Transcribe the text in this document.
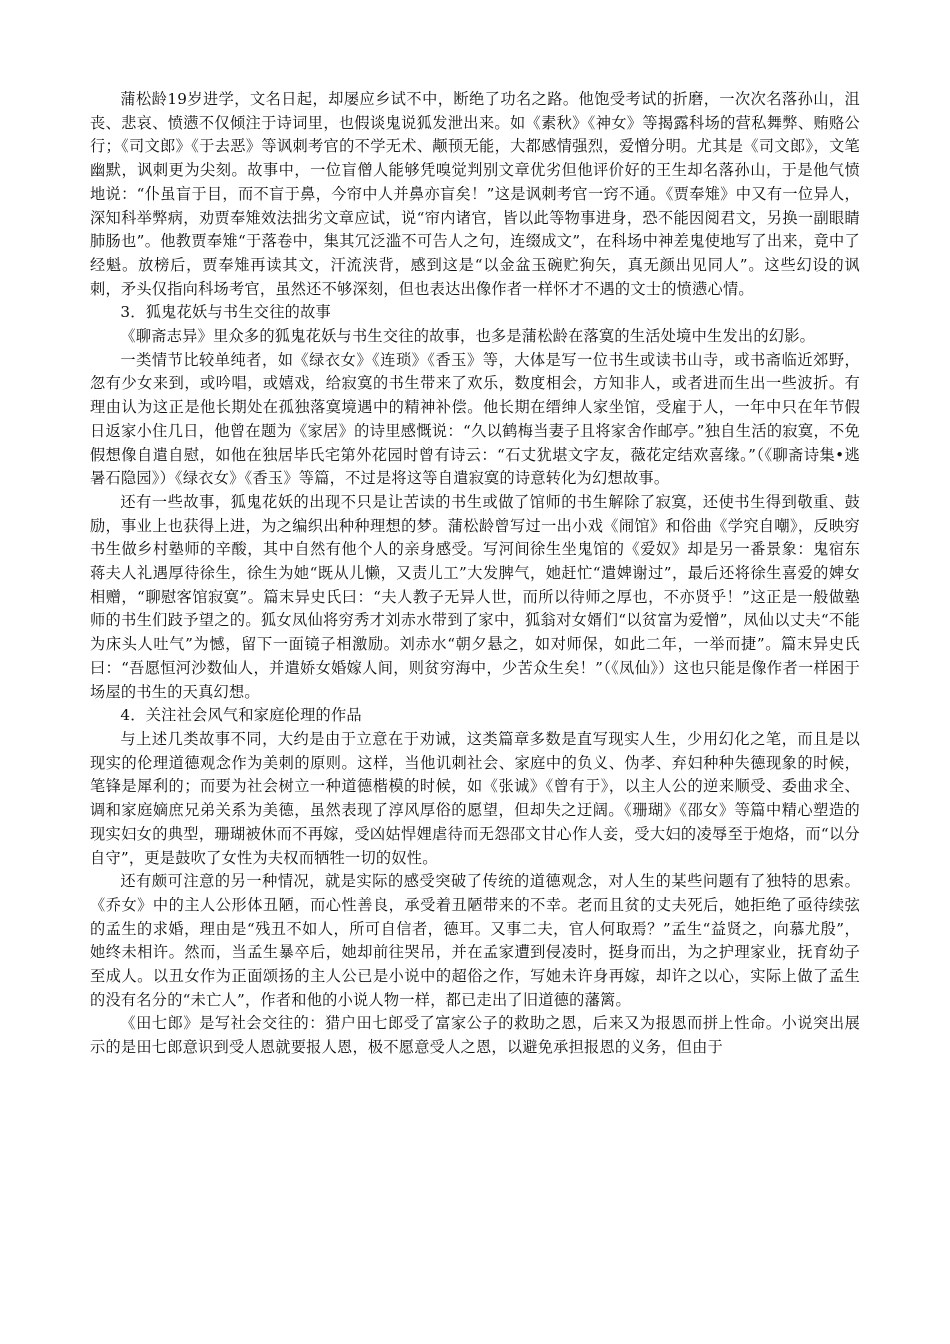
蒲松龄19岁进学，文名日起，却屡应乡试不中，断绝了功名之路。他饱受考试的折磨，一次次名落孙山，沮丧、悲哀、愤懑不仅倾注于诗词里，也假谈鬼说狐发泄出来。如《素秋》《神女》等揭露科场的营私舞弊、贿赂公行；《司文郎》《于去恶》等讽刺考官的不学无术、颟顸无能，大都感情强烈，爱憎分明。尤其是《司文郎》，文笔幽默，讽刺更为尖刻。故事中，一位盲僧人能够凭嗅觉判别文章优劣但他评价好的王生却名落孙山，于是他气愤地说：“仆虽盲于目，而不盲于鼻，今帘中人并鼻亦盲矣！”这是讽刺考官一窍不通。《贾奉雉》中又有一位异人，深知科举弊病，劝贾奉雉效法拙劣文章应试，说“帘内诸官，皆以此等物事进身，恐不能因阅君文，另换一副眼睛肺肠也”。他教贾奉雉“于落卷中，集其冗泛滥不可告人之句，连缀成文”，在科场中神差鬼使地写了出来，竟中了经魁。放榜后，贾奉雉再读其文，汗流浃背，感到这是“以金盆玉碗贮狗矢，真无颜出见同人”。这些幻设的讽刺，矛头仅指向科场考官，虽然还不够深刻，但也表达出像作者一样怀才不遇的文士的愤懑心情。

3．狐鬼花妖与书生交往的故事

《聊斋志异》里众多的狐鬼花妖与书生交往的故事，也多是蒲松龄在落寞的生活处境中生发出的幻影。

一类情节比较单纯者，如《绿衣女》《连琐》《香玉》等，大体是写一位书生或读书山寺，或书斋临近郊野，忽有少女来到，或吟唱，或嬉戏，给寂寞的书生带来了欢乐，数度相会，方知非人，或者进而生出一些波折。有理由认为这正是他长期处在孤独落寞境遇中的精神补偿。他长期在缙绅人家坐馆，受雇于人，一年中只在年节假日返家小住几日，他曾在题为《家居》的诗里感慨说：“久以鹤梅当妻子且将家舍作邮亭。”独自生活的寂寞，不免假想像自遣自慰，如他在独居毕氏宅第外花园时曾有诗云：“石丈犹堪文字友，薇花定结欢喜缘。”（《聊斋诗集•逃暑石隐园》）《绿衣女》《香玉》等篇，不过是将这等自遣寂寞的诗意转化为幻想故事。

还有一些故事，狐鬼花妖的出现不只是让苦读的书生或做了馆师的书生解除了寂寞，还使书生得到敬重、鼓励，事业上也获得上进，为之编织出种种理想的梦。蒲松龄曾写过一出小戏《闹馆》和俗曲《学究自嘲》，反映穷书生做乡村塾师的辛酸，其中自然有他个人的亲身感受。写河间徐生坐鬼馆的《爱奴》却是另一番景象：鬼宿东蒋夫人礼遇厚待徐生，徐生为她“既从儿懒，又责儿工”大发脾气，她赶忙“遣婢谢过”，最后还将徐生喜爱的婢女相赠，“聊慰客馆寂寞”。篇末异史氏曰：“夫人教子无异人世，而所以待师之厚也，不亦贤乎！”这正是一般做塾师的书生们跂予望之的。狐女凤仙将穷秀才刘赤水带到了家中，狐翁对女婿们“以贫富为爱憎”，凤仙以丈夫“不能为床头人吐气”为憾，留下一面镜子相激励。刘赤水“朝夕悬之，如对师保，如此二年，一举而捷”。篇末异史氏曰：“吾愿恒河沙数仙人，并遣娇女婚嫁人间，则贫穷海中，少苦众生矣！”（《凤仙》）这也只能是像作者一样困于场屋的书生的天真幻想。

4．关注社会风气和家庭伦理的作品

与上述几类故事不同，大约是由于立意在于劝诫，这类篇章多数是直写现实人生，少用幻化之笔，而且是以现实的伦理道德观念作为美刺的原则。这样，当他讥刺社会、家庭中的负义、伪孝、弃妇种种失德现象的时候，笔锋是犀利的；而要为社会树立一种道德楷模的时候，如《张诚》《曾有于》，以主人公的逆来顺受、委曲求全、调和家庭嫡庶兄弟关系为美德，虽然表现了淳风厚俗的愿望，但却失之迂阔。《珊瑚》《邵女》等篇中精心塑造的现实妇女的典型，珊瑚被休而不再嫁，受凶姑悍娌虐待而无怨邵文甘心作人妾，受大妇的凌辱至于炮烙，而“以分自守”，更是鼓吹了女性为夫权而牺牲一切的奴性。

还有颇可注意的另一种情况，就是实际的感受突破了传统的道德观念，对人生的某些问题有了独特的思索。《乔女》中的主人公形体丑陋，而心性善良，承受着丑陋带来的不幸。老而且贫的丈夫死后，她拒绝了亟待续弦的孟生的求婚，理由是“残丑不如人，所可自信者，德耳。又事二夫，官人何取焉？”孟生“益贤之，向慕尤殷”，她终未相许。然而，当孟生暴卒后，她却前往哭吊，并在孟家遭到侵凌时，挺身而出，为之护理家业，抚育幼子至成人。以丑女作为正面颂扬的主人公已是小说中的超俗之作，写她未许身再嫁，却许之以心，实际上做了孟生的没有名分的“未亡人”，作者和他的小说人物一样，都已走出了旧道德的藩篱。

《田七郎》是写社会交往的：猎户田七郎受了富家公子的救助之恩，后来又为报恩而拼上性命。小说突出展示的是田七郎意识到受人恩就要报人恩，极不愿意受人之恩，以避免承担报恩的义务，但由于
